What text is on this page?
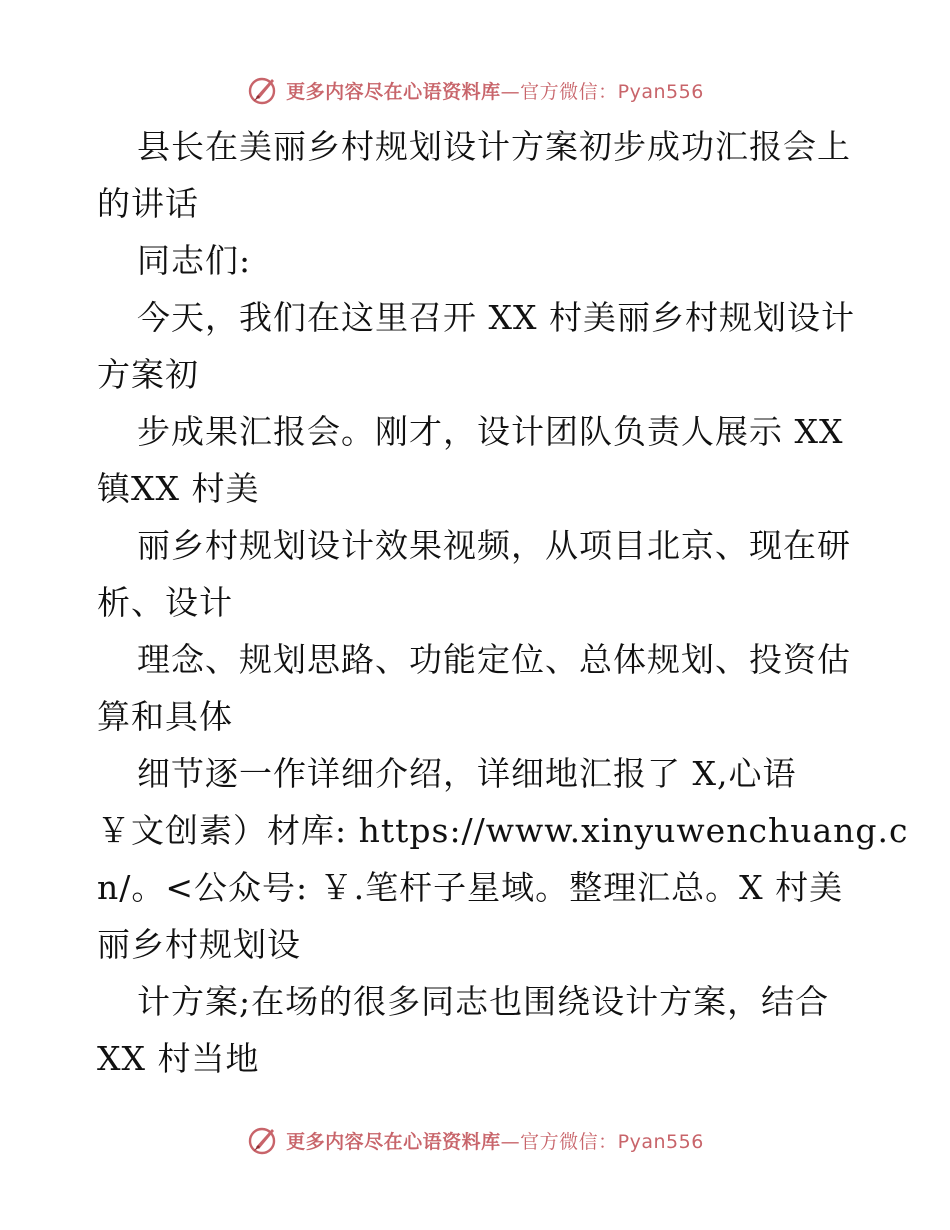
更多内容尽在心语资料库—官方微信：Pyan556
县长在美丽乡村规划设计方案初步成功汇报会上
的讲话
同志们:
今天，我们在这里召开 XX 村美丽乡村规划设计
方案初
步成果汇报会。刚才，设计团队负责人展示 XX
镇XX 村美
丽乡村规划设计效果视频，从项目北京、现在研
析、设计
理念、规划思路、功能定位、总体规划、投资估
算和具体
细节逐一作详细介绍，详细地汇报了 X,心语
￥文创素）材库: https://www.xinyuwenchuang.c
n/。<公众号: ￥.笔杆子星域。整理汇总。X 村美
丽乡村规划设
计方案;在场的很多同志也围绕设计方案，结合
XX 村当地
更多内容尽在心语资料库—官方微信：Pyan556
